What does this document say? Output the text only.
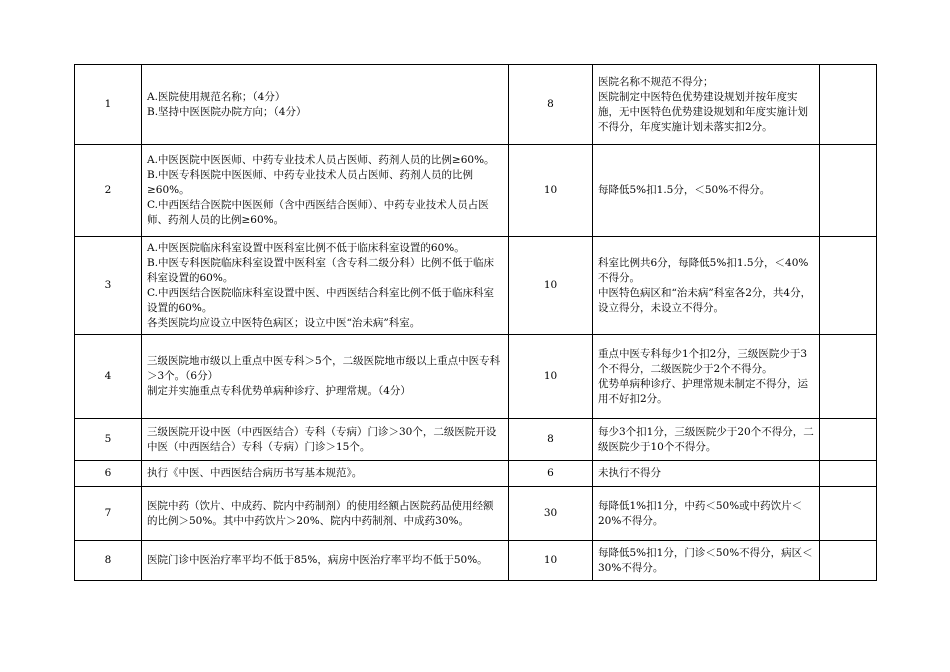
1	A.医院使用规范名称；（4分）
B.坚持中医医院办院方向；（4分）	8	医院名称不规范不得分；
医院制定中医特色优势建设规划并按年度实施，无中医特色优势建设规划和年度实施计划不得分，年度实施计划未落实扣2分。	

2	A.中医医院中医医师、中药专业技术人员占医师、药剂人员的比例≥60%。
B.中医专科医院中医医师、中药专业技术人员占医师、药剂人员的比例≥60%。
C.中西医结合医院中医医师（含中西医结合医师）、中药专业技术人员占医师、药剂人员的比例≥60%。	10	每降低5%扣1.5分，＜50%不得分。	

3	A.中医医院临床科室设置中医科室比例不低于临床科室设置的60%。
B.中医专科医院临床科室设置中医科室（含专科二级分科）比例不低于临床科室设置的60%。
C.中西医结合医院临床科室设置中医、中西医结合科室比例不低于临床科室设置的60%。
各类医院均应设立中医特色病区；设立中医“治未病”科室。	10	科室比例共6分，每降低5%扣1.5分，＜40%不得分。
中医特色病区和“治未病”科室各2分，共4分，设立得分，未设立不得分。	

4	三级医院地市级以上重点中医专科＞5个，二级医院地市级以上重点中医专科＞3个。（6分）
制定并实施重点专科优势单病种诊疗、护理常规。（4分）	10	重点中医专科每少1个扣2分，三级医院少于3个不得分，二级医院少于2个不得分。
优势单病种诊疗、护理常规未制定不得分，运用不好扣2分。	

5	三级医院开设中医（中西医结合）专科（专病）门诊＞30个，二级医院开设中医（中西医结合）专科（专病）门诊＞15个。	8	每少3个扣1分，三级医院少于20个不得分，二级医院少于10个不得分。	

6	执行《中医、中西医结合病历书写基本规范》。	6	未执行不得分	

7	医院中药（饮片、中成药、院内中药制剂）的使用经额占医院药品使用经额的比例＞50%。其中中药饮片＞20%、院内中药制剂、中成药30%。	30	每降低1%扣1分，中药＜50%或中药饮片＜20%不得分。	

8	医院门诊中医治疗率平均不低于85%，病房中医治疗率平均不低于50%。	10	每降低5%扣1分，门诊＜50%不得分，病区＜30%不得分。	
